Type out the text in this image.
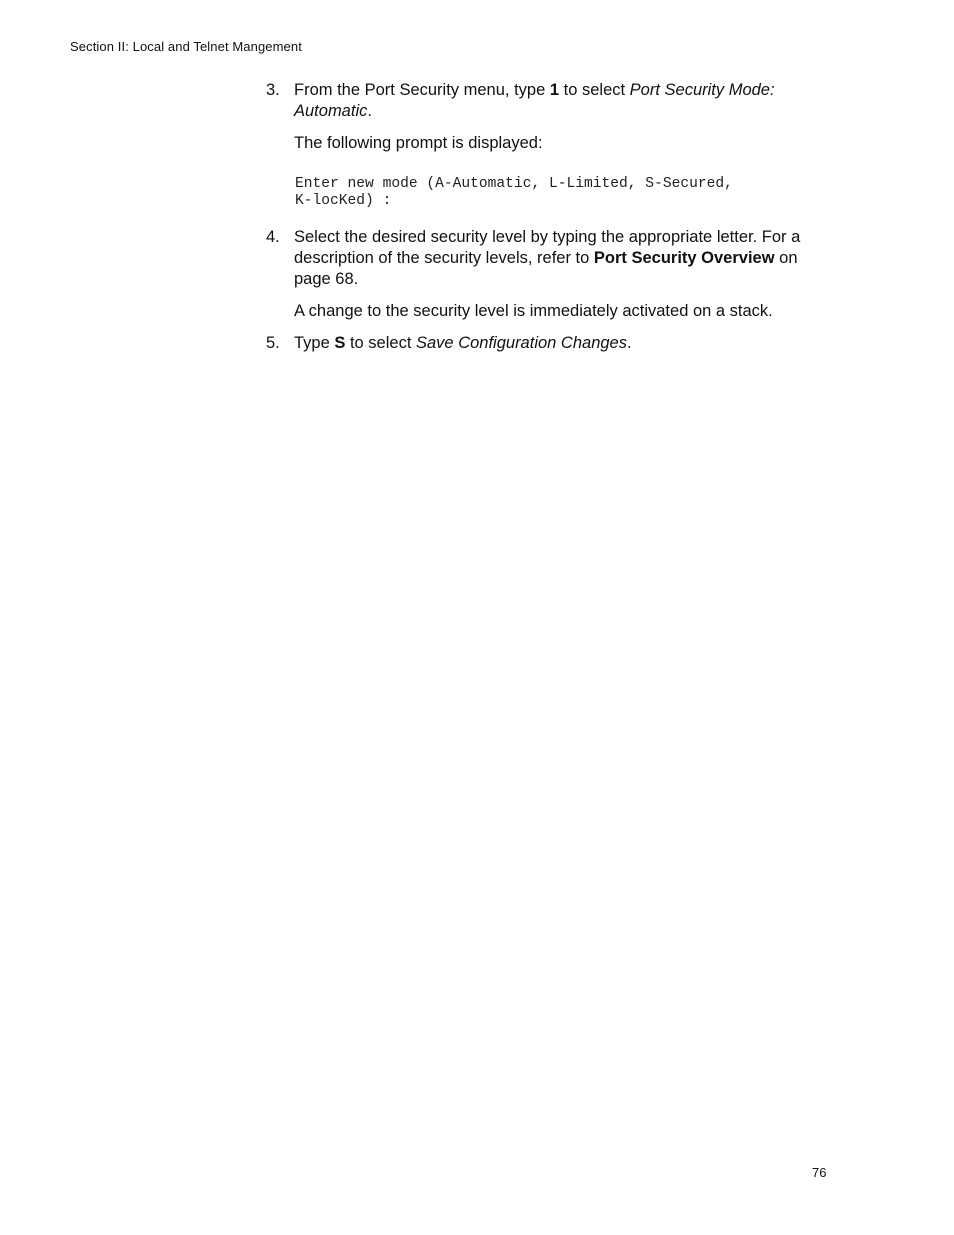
Section II: Local and Telnet Mangement
3. From the Port Security menu, type 1 to select Port Security Mode: Automatic.

The following prompt is displayed:

Enter new mode (A-Automatic, L-Limited, S-Secured,
K-locKed) :
4. Select the desired security level by typing the appropriate letter. For a description of the security levels, refer to Port Security Overview on page 68.

A change to the security level is immediately activated on a stack.

5. Type S to select Save Configuration Changes.
76
